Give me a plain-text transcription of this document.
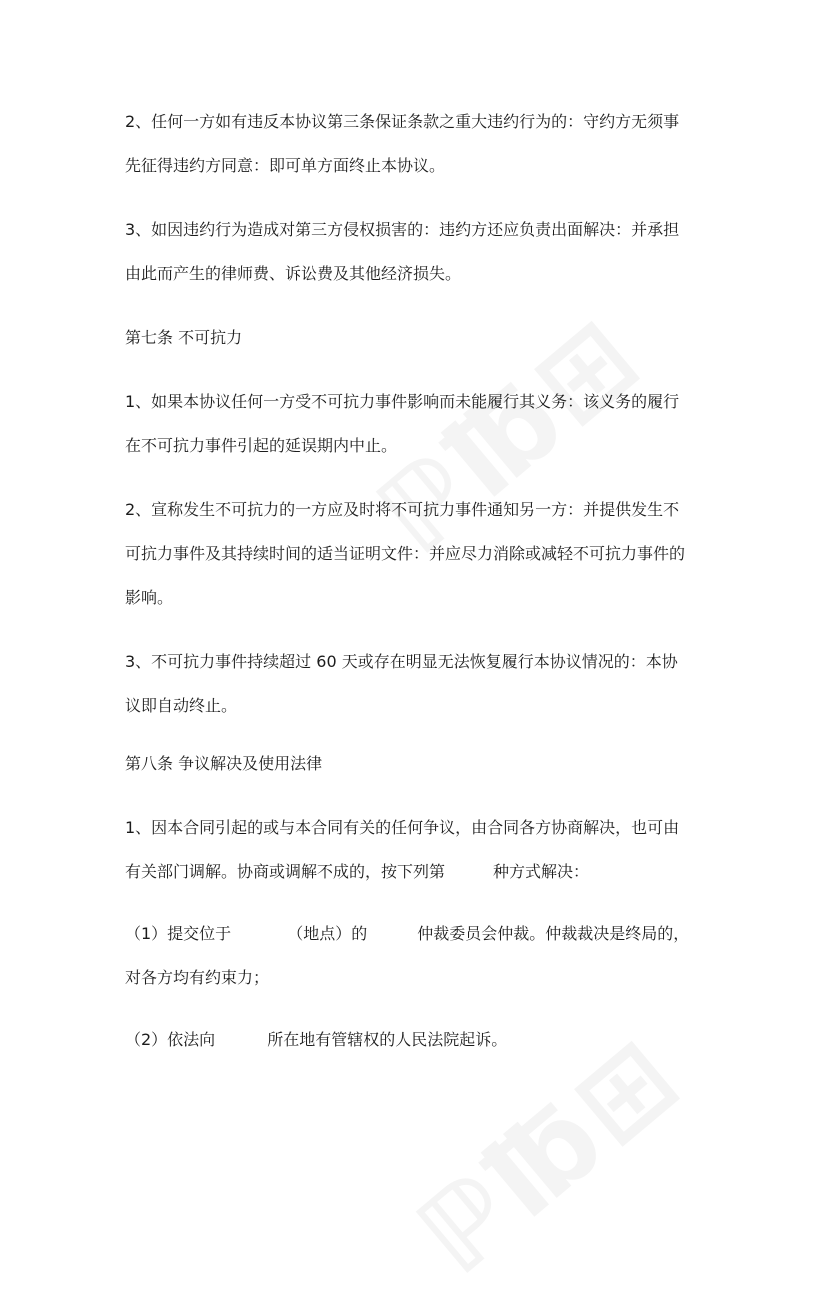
2、任何一方如有违反本协议第三条保证条款之重大违约行为的：守约方无须事

先征得违约方同意：即可单方面终止本协议。

3、如因违约行为造成对第三方侵权损害的：违约方还应负责出面解决：并承担

由此而产生的律师费、诉讼费及其他经济损失。

第七条 不可抗力

1、如果本协议任何一方受不可抗力事件影响而未能履行其义务：该义务的履行

在不可抗力事件引起的延误期内中止。

2、宣称发生不可抗力的一方应及时将不可抗力事件通知另一方：并提供发生不

可抗力事件及其持续时间的适当证明文件：并应尽力消除或减轻不可抗力事件的

影响。

3、不可抗力事件持续超过 60 天或存在明显无法恢复履行本协议情况的：本协

议即自动终止。

第八条 争议解决及使用法律

1、因本合同引起的或与本合同有关的任何争议，由合同各方协商解决，也可由

有关部门调解。协商或调解不成的，按下列第	种方式解决：

（1）提交位于	（地点）的	仲裁委员会仲裁。仲裁裁决是终局的，

对各方均有约束力；

（2）依法向	所在地有管辖权的人民法院起诉。
